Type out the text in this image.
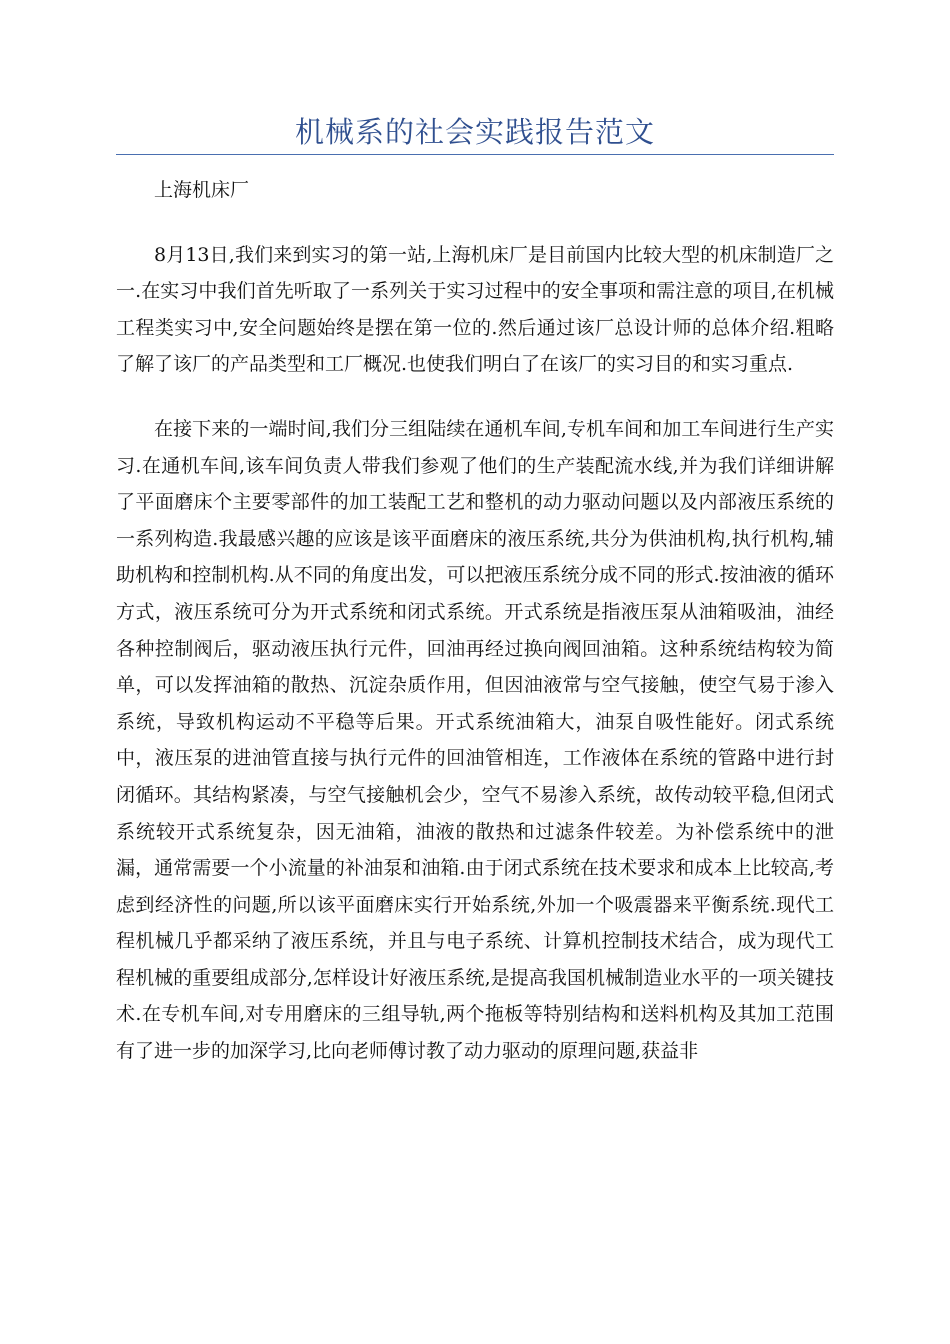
机械系的社会实践报告范文

上海机床厂

8月13日,我们来到实习的第一站,上海机床厂是目前国内比较大型的机床制造厂之一.在实习中我们首先听取了一系列关于实习过程中的安全事项和需注意的项目,在机械工程类实习中,安全问题始终是摆在第一位的.然后通过该厂总设计师的总体介绍.粗略了解了该厂的产品类型和工厂概况.也使我们明白了在该厂的实习目的和实习重点.

在接下来的一端时间,我们分三组陆续在通机车间,专机车间和加工车间进行生产实习.在通机车间,该车间负责人带我们参观了他们的生产装配流水线,并为我们详细讲解了平面磨床个主要零部件的加工装配工艺和整机的动力驱动问题以及内部液压系统的一系列构造.我最感兴趣的应该是该平面磨床的液压系统,共分为供油机构,执行机构,辅助机构和控制机构.从不同的角度出发，可以把液压系统分成不同的形式.按油液的循环方式，液压系统可分为开式系统和闭式系统。开式系统是指液压泵从油箱吸油，油经各种控制阀后，驱动液压执行元件，回油再经过换向阀回油箱。这种系统结构较为简单，可以发挥油箱的散热、沉淀杂质作用，但因油液常与空气接触，使空气易于渗入系统，导致机构运动不平稳等后果。开式系统油箱大，油泵自吸性能好。闭式系统中，液压泵的进油管直接与执行元件的回油管相连，工作液体在系统的管路中进行封闭循环。其结构紧凑，与空气接触机会少，空气不易渗入系统，故传动较平稳,但闭式系统较开式系统复杂，因无油箱，油液的散热和过滤条件较差。为补偿系统中的泄漏，通常需要一个小流量的补油泵和油箱.由于闭式系统在技术要求和成本上比较高,考虑到经济性的问题,所以该平面磨床实行开始系统,外加一个吸震器来平衡系统.现代工程机械几乎都采纳了液压系统，并且与电子系统、计算机控制技术结合，成为现代工程机械的重要组成部分,怎样设计好液压系统,是提高我国机械制造业水平的一项关键技术.在专机车间,对专用磨床的三组导轨,两个拖板等特别结构和送料机构及其加工范围有了进一步的加深学习,比向老师傅讨教了动力驱动的原理问题,获益非
